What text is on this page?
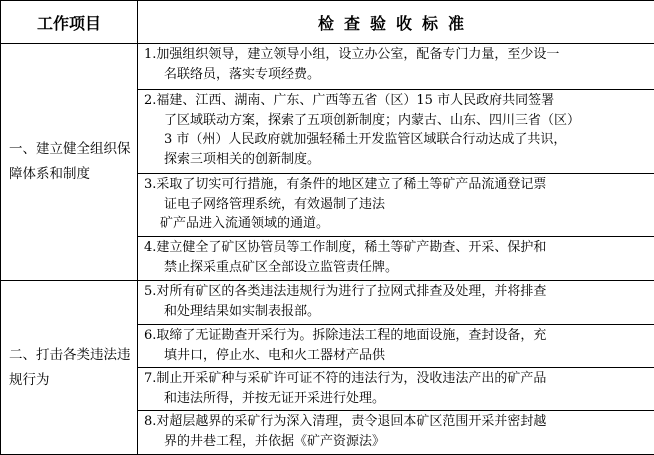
工作项目	检查验收标准
一、建立健全组织保障体系和制度	1.加强组织领导，建立领导小组，设立办公室，配备专门力量，至少设一
名联络员，落实专项经费。

	2.福建、江西、湖南、广东、广西等五省（区）15 市人民政府共同签署
了区域联动方案，探索了五项创新制度；内蒙古、山东、四川三省（区）
3 市（州）人民政府就加强轻稀土开发监管区域联合行动达成了共识，
探索三项相关的创新制度。

	3.采取了切实可行措施，有条件的地区建立了稀土等矿产品流通登记票
证电子网络管理系统，有效遏制了违法
矿产品进入流通领域的通道。

	4.建立健全了矿区协管员等工作制度，稀土等矿产勘查、开采、保护和
禁止探采重点矿区全部设立监管责任牌。

二、打击各类违法违规行为	5.对所有矿区的各类违法违规行为进行了拉网式排查及处理，并将排查
和处理结果如实制表报部。

	6.取缔了无证勘查开采行为。拆除违法工程的地面设施，查封设备，充
填井口，停止水、电和火工器材产品供

	7.制止开采矿种与采矿许可证不符的违法行为，没收违法产出的矿产品
和违法所得，并按无证开采进行处理。

	8.对超层越界的采矿行为深入清理，责令退回本矿区范围开采并密封越
界的井巷工程，并依据《矿产资源法》
